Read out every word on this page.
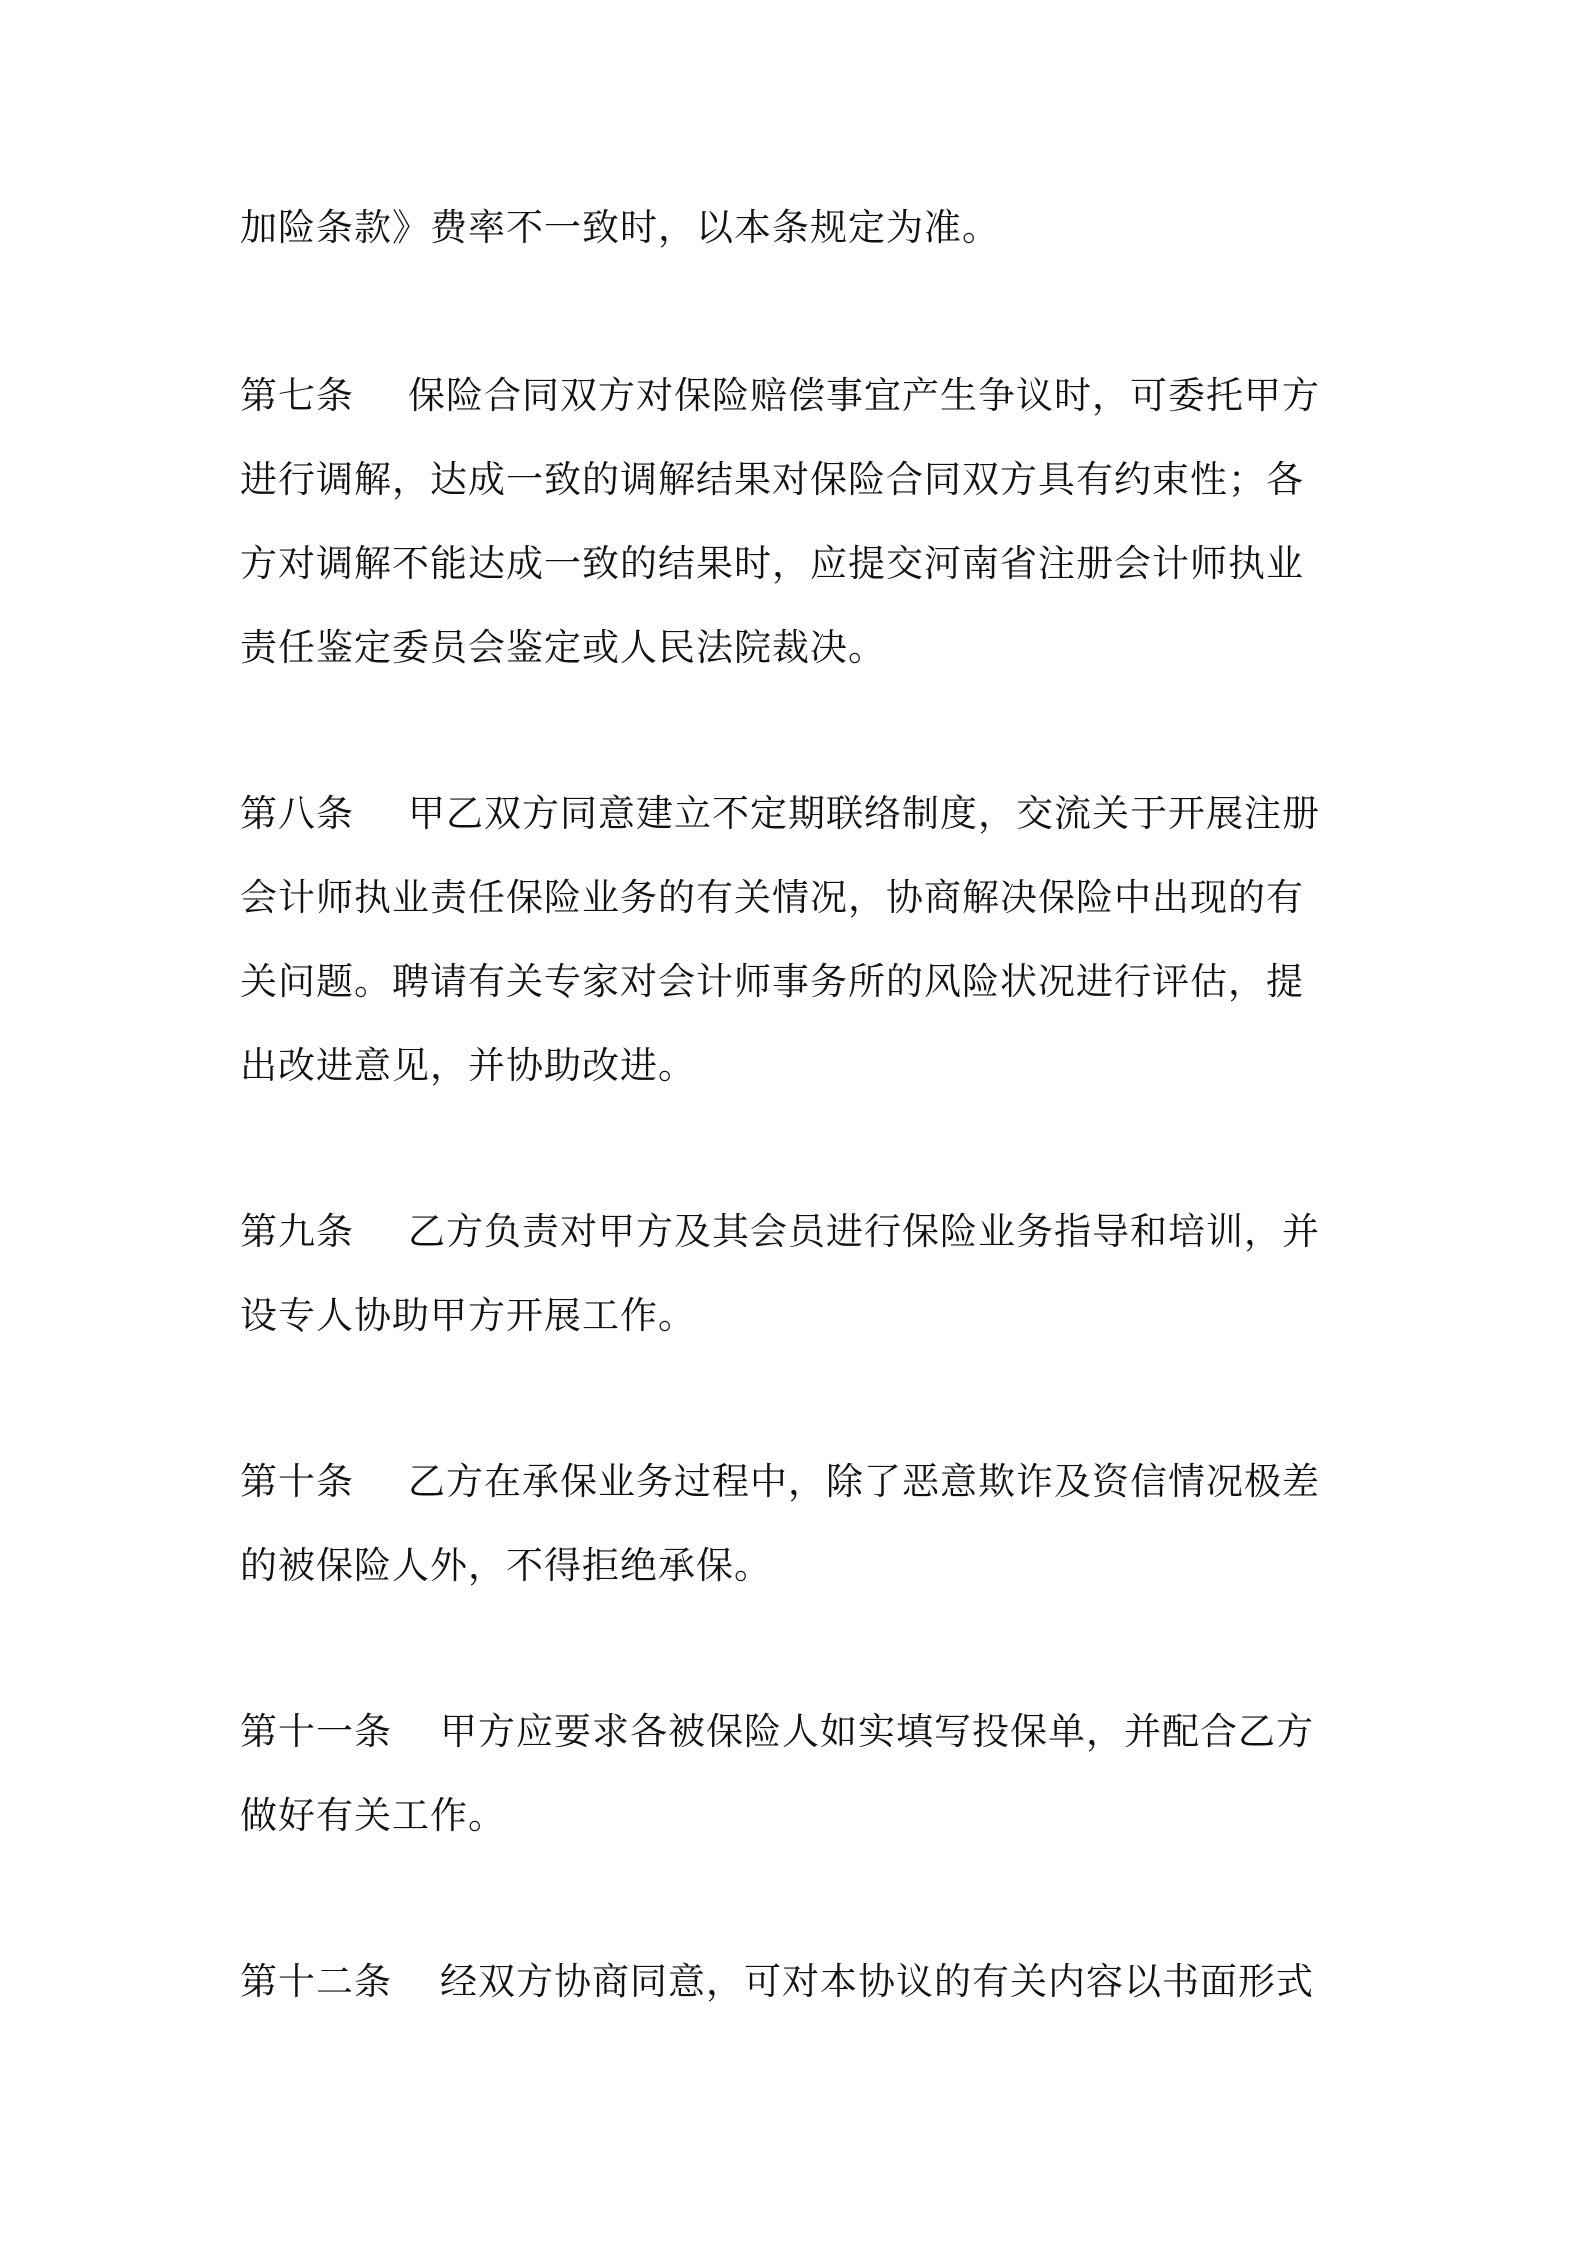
加险条款》费率不一致时，以本条规定为准。
第七条 保险合同双方对保险赔偿事宜产生争议时，可委托甲方
进行调解，达成一致的调解结果对保险合同双方具有约束性；各
方对调解不能达成一致的结果时，应提交河南省注册会计师执业
责任鉴定委员会鉴定或人民法院裁决。
第八条 甲乙双方同意建立不定期联络制度，交流关于开展注册
会计师执业责任保险业务的有关情况，协商解决保险中出现的有
关问题。聘请有关专家对会计师事务所的风险状况进行评估，提
出改进意见，并协助改进。
第九条 乙方负责对甲方及其会员进行保险业务指导和培训，并
设专人协助甲方开展工作。
第十条 乙方在承保业务过程中，除了恶意欺诈及资信情况极差
的被保险人外，不得拒绝承保。
第十一条 甲方应要求各被保险人如实填写投保单，并配合乙方
做好有关工作。
第十二条 经双方协商同意，可对本协议的有关内容以书面形式
